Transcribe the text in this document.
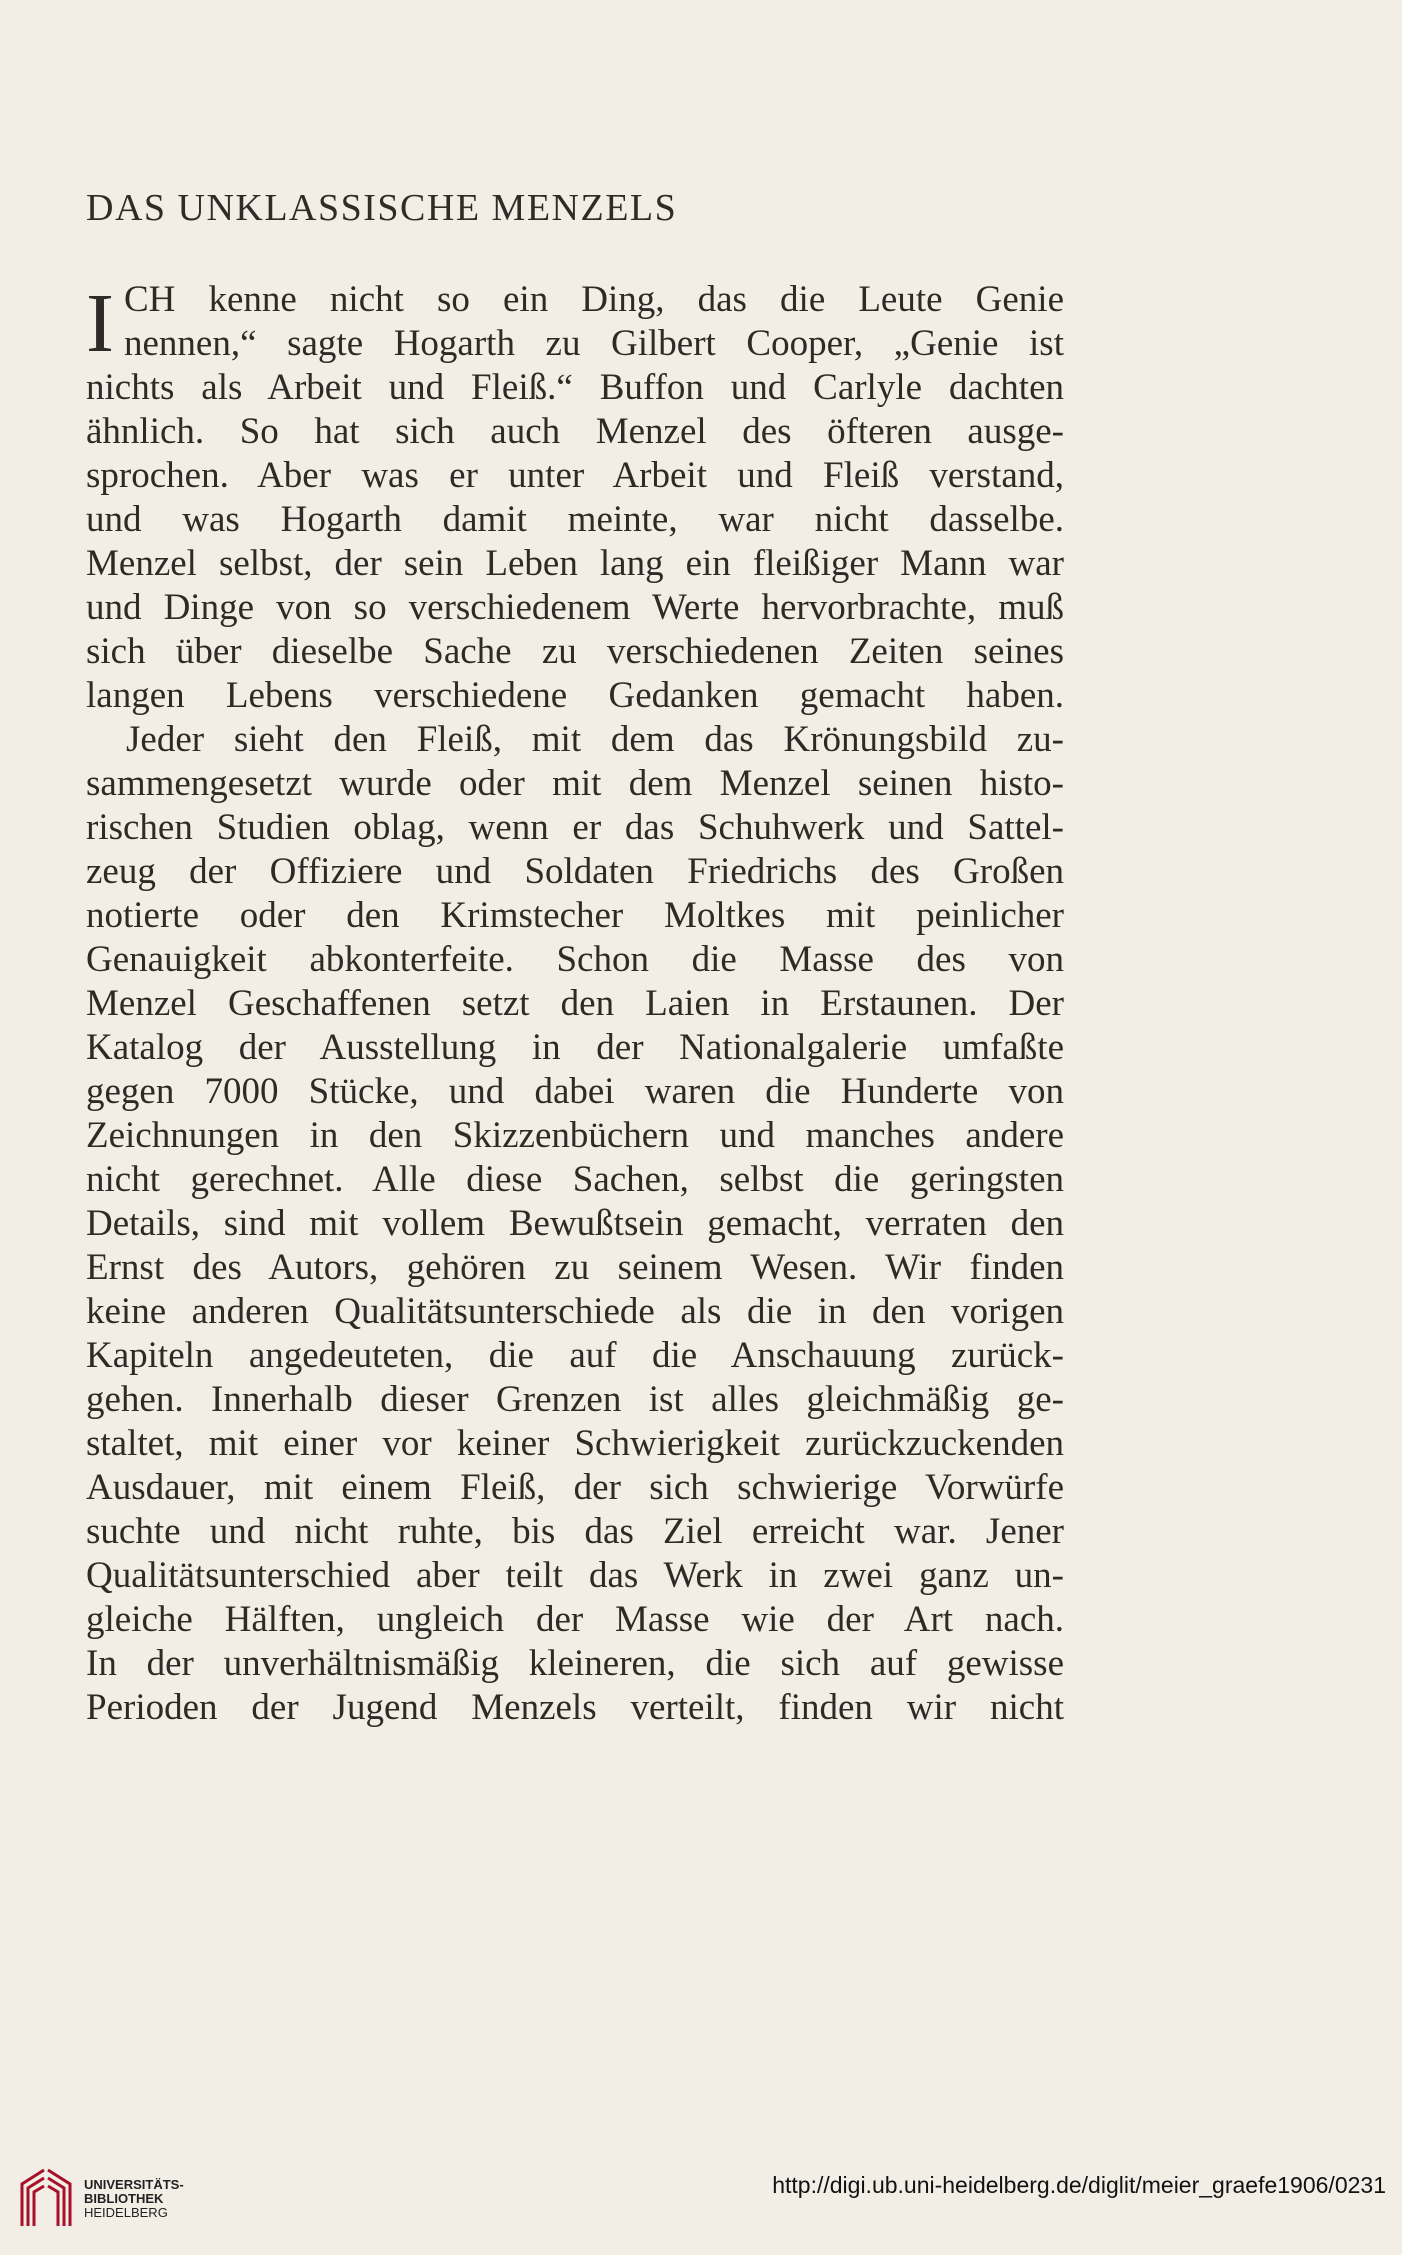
DAS UNKLASSISCHE MENZELS
I CH kenne nicht so ein Ding, das die Leute Genie
nennen,“ sagte Hogarth zu Gilbert Cooper, „Genie ist
nichts als Arbeit und Fleiß.“ Buffon und Carlyle dachten
ähnlich. So hat sich auch Menzel des öfteren ausge-
sprochen. Aber was er unter Arbeit und Fleiß verstand,
und was Hogarth damit meinte, war nicht dasselbe.
Menzel selbst, der sein Leben lang ein fleißiger Mann war
und Dinge von so verschiedenem Werte hervorbrachte, muß
sich über dieselbe Sache zu verschiedenen Zeiten seines
langen Lebens verschiedene Gedanken gemacht haben.
Jeder sieht den Fleiß, mit dem das Krönungsbild zu-
sammengesetzt wurde oder mit dem Menzel seinen histo-
rischen Studien oblag, wenn er das Schuhwerk und Sattel-
zeug der Offiziere und Soldaten Friedrichs des Großen
notierte oder den Krimstecher Moltkes mit peinlicher
Genauigkeit abkonterfeite. Schon die Masse des von
Menzel Geschaffenen setzt den Laien in Erstaunen. Der
Katalog der Ausstellung in der Nationalgalerie umfaßte
gegen 7000 Stücke, und dabei waren die Hunderte von
Zeichnungen in den Skizzenbüchern und manches andere
nicht gerechnet. Alle diese Sachen, selbst die geringsten
Details, sind mit vollem Bewußtsein gemacht, verraten den
Ernst des Autors, gehören zu seinem Wesen. Wir finden
keine anderen Qualitätsunterschiede als die in den vorigen
Kapiteln angedeuteten, die auf die Anschauung zurück-
gehen. Innerhalb dieser Grenzen ist alles gleichmäßig ge-
staltet, mit einer vor keiner Schwierigkeit zurückzuckenden
Ausdauer, mit einem Fleiß, der sich schwierige Vorwürfe
suchte und nicht ruhte, bis das Ziel erreicht war. Jener
Qualitätsunterschied aber teilt das Werk in zwei ganz un-
gleiche Hälften, ungleich der Masse wie der Art nach.
In der unverhältnismäßig kleineren, die sich auf gewisse
Perioden der Jugend Menzels verteilt, finden wir nicht
UNIVERSITÄTS-
BIBLIOTHEK
HEIDELBERG
http://digi.ub.uni-heidelberg.de/diglit/meier_graefe1906/0231
